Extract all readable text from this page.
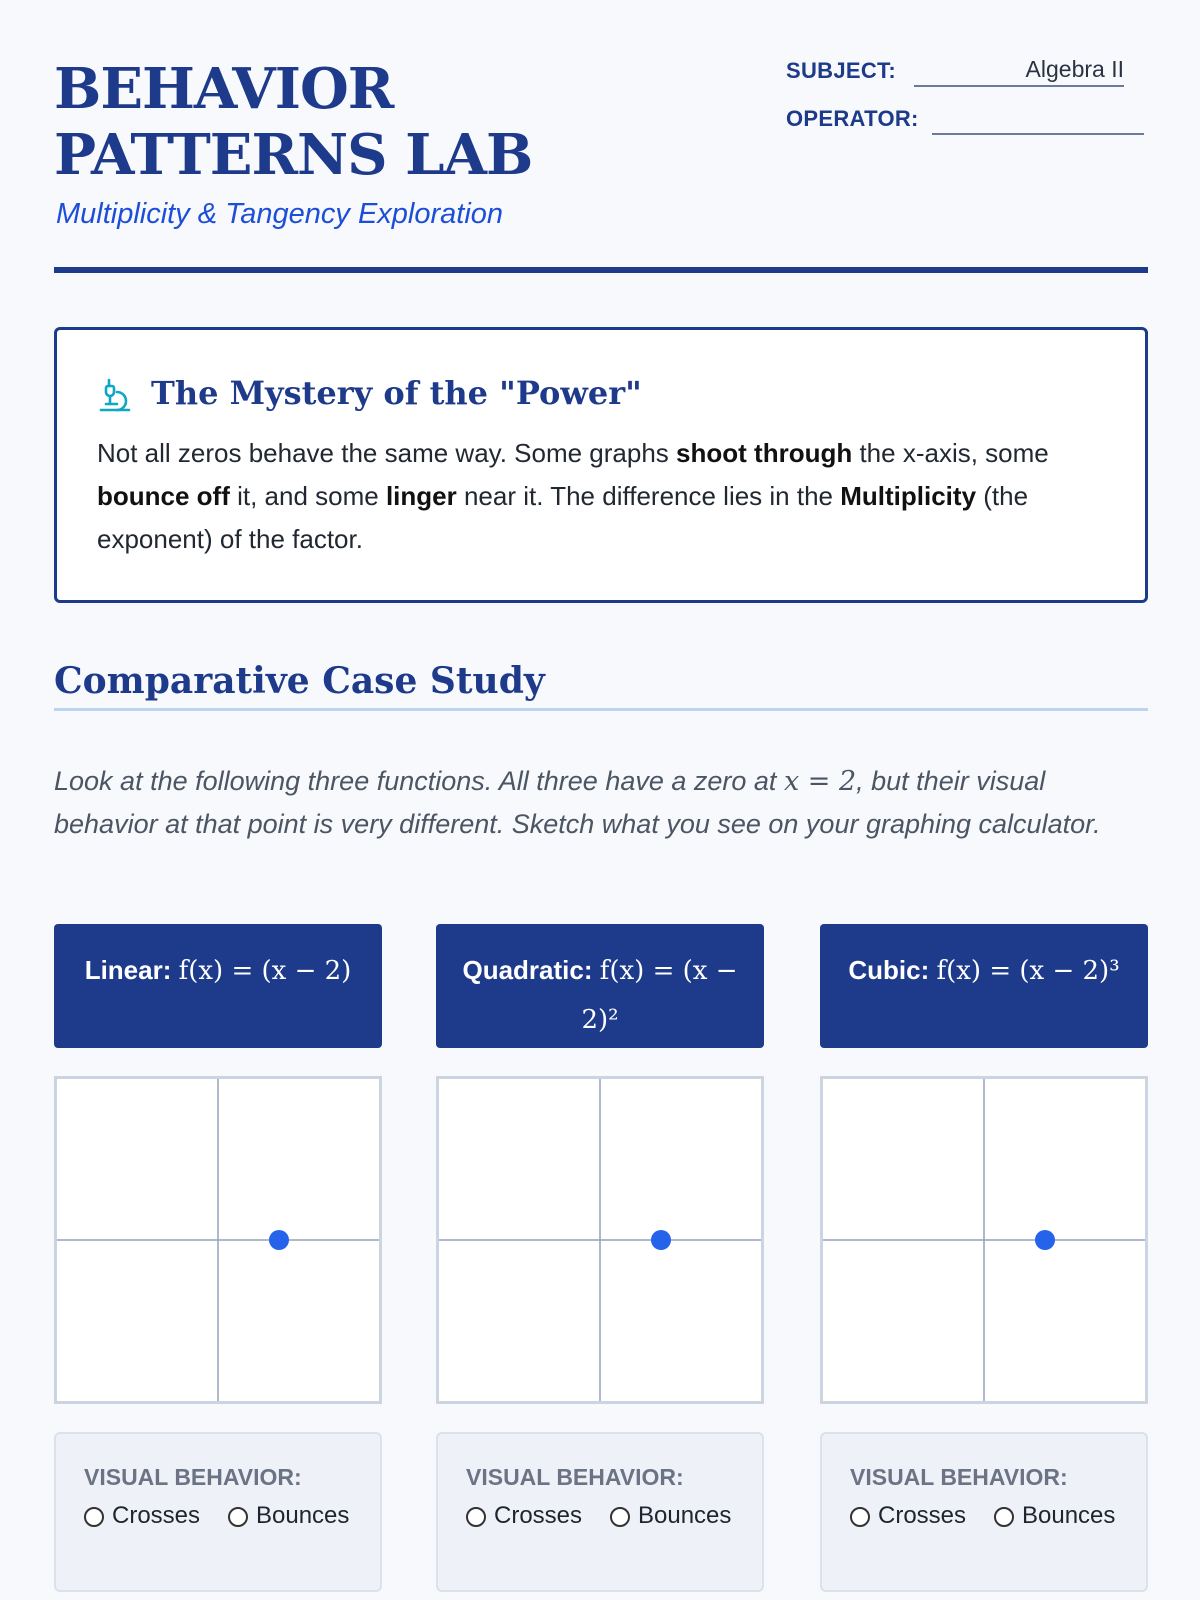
BEHAVIOR PATTERNS LAB
Multiplicity & Tangency Exploration
SUBJECT:	Algebra II
OPERATOR:
The Mystery of the "Power"

Not all zeros behave the same way. Some graphs shoot through the x-axis, some bounce off it, and some linger near it. The difference lies in the Multiplicity (the exponent) of the factor.

Comparative Case Study

Look at the following three functions. All three have a zero at x = 2, but their visual behavior at that point is very different. Sketch what you see on your graphing calculator.

Linear: f(x) = (x − 2)
VISUAL BEHAVIOR:
Crosses Bounces
Quadratic: f(x) = (x − 2)²
VISUAL BEHAVIOR:
Crosses Bounces
Cubic: f(x) = (x − 2)³
VISUAL BEHAVIOR:
Crosses Bounces
